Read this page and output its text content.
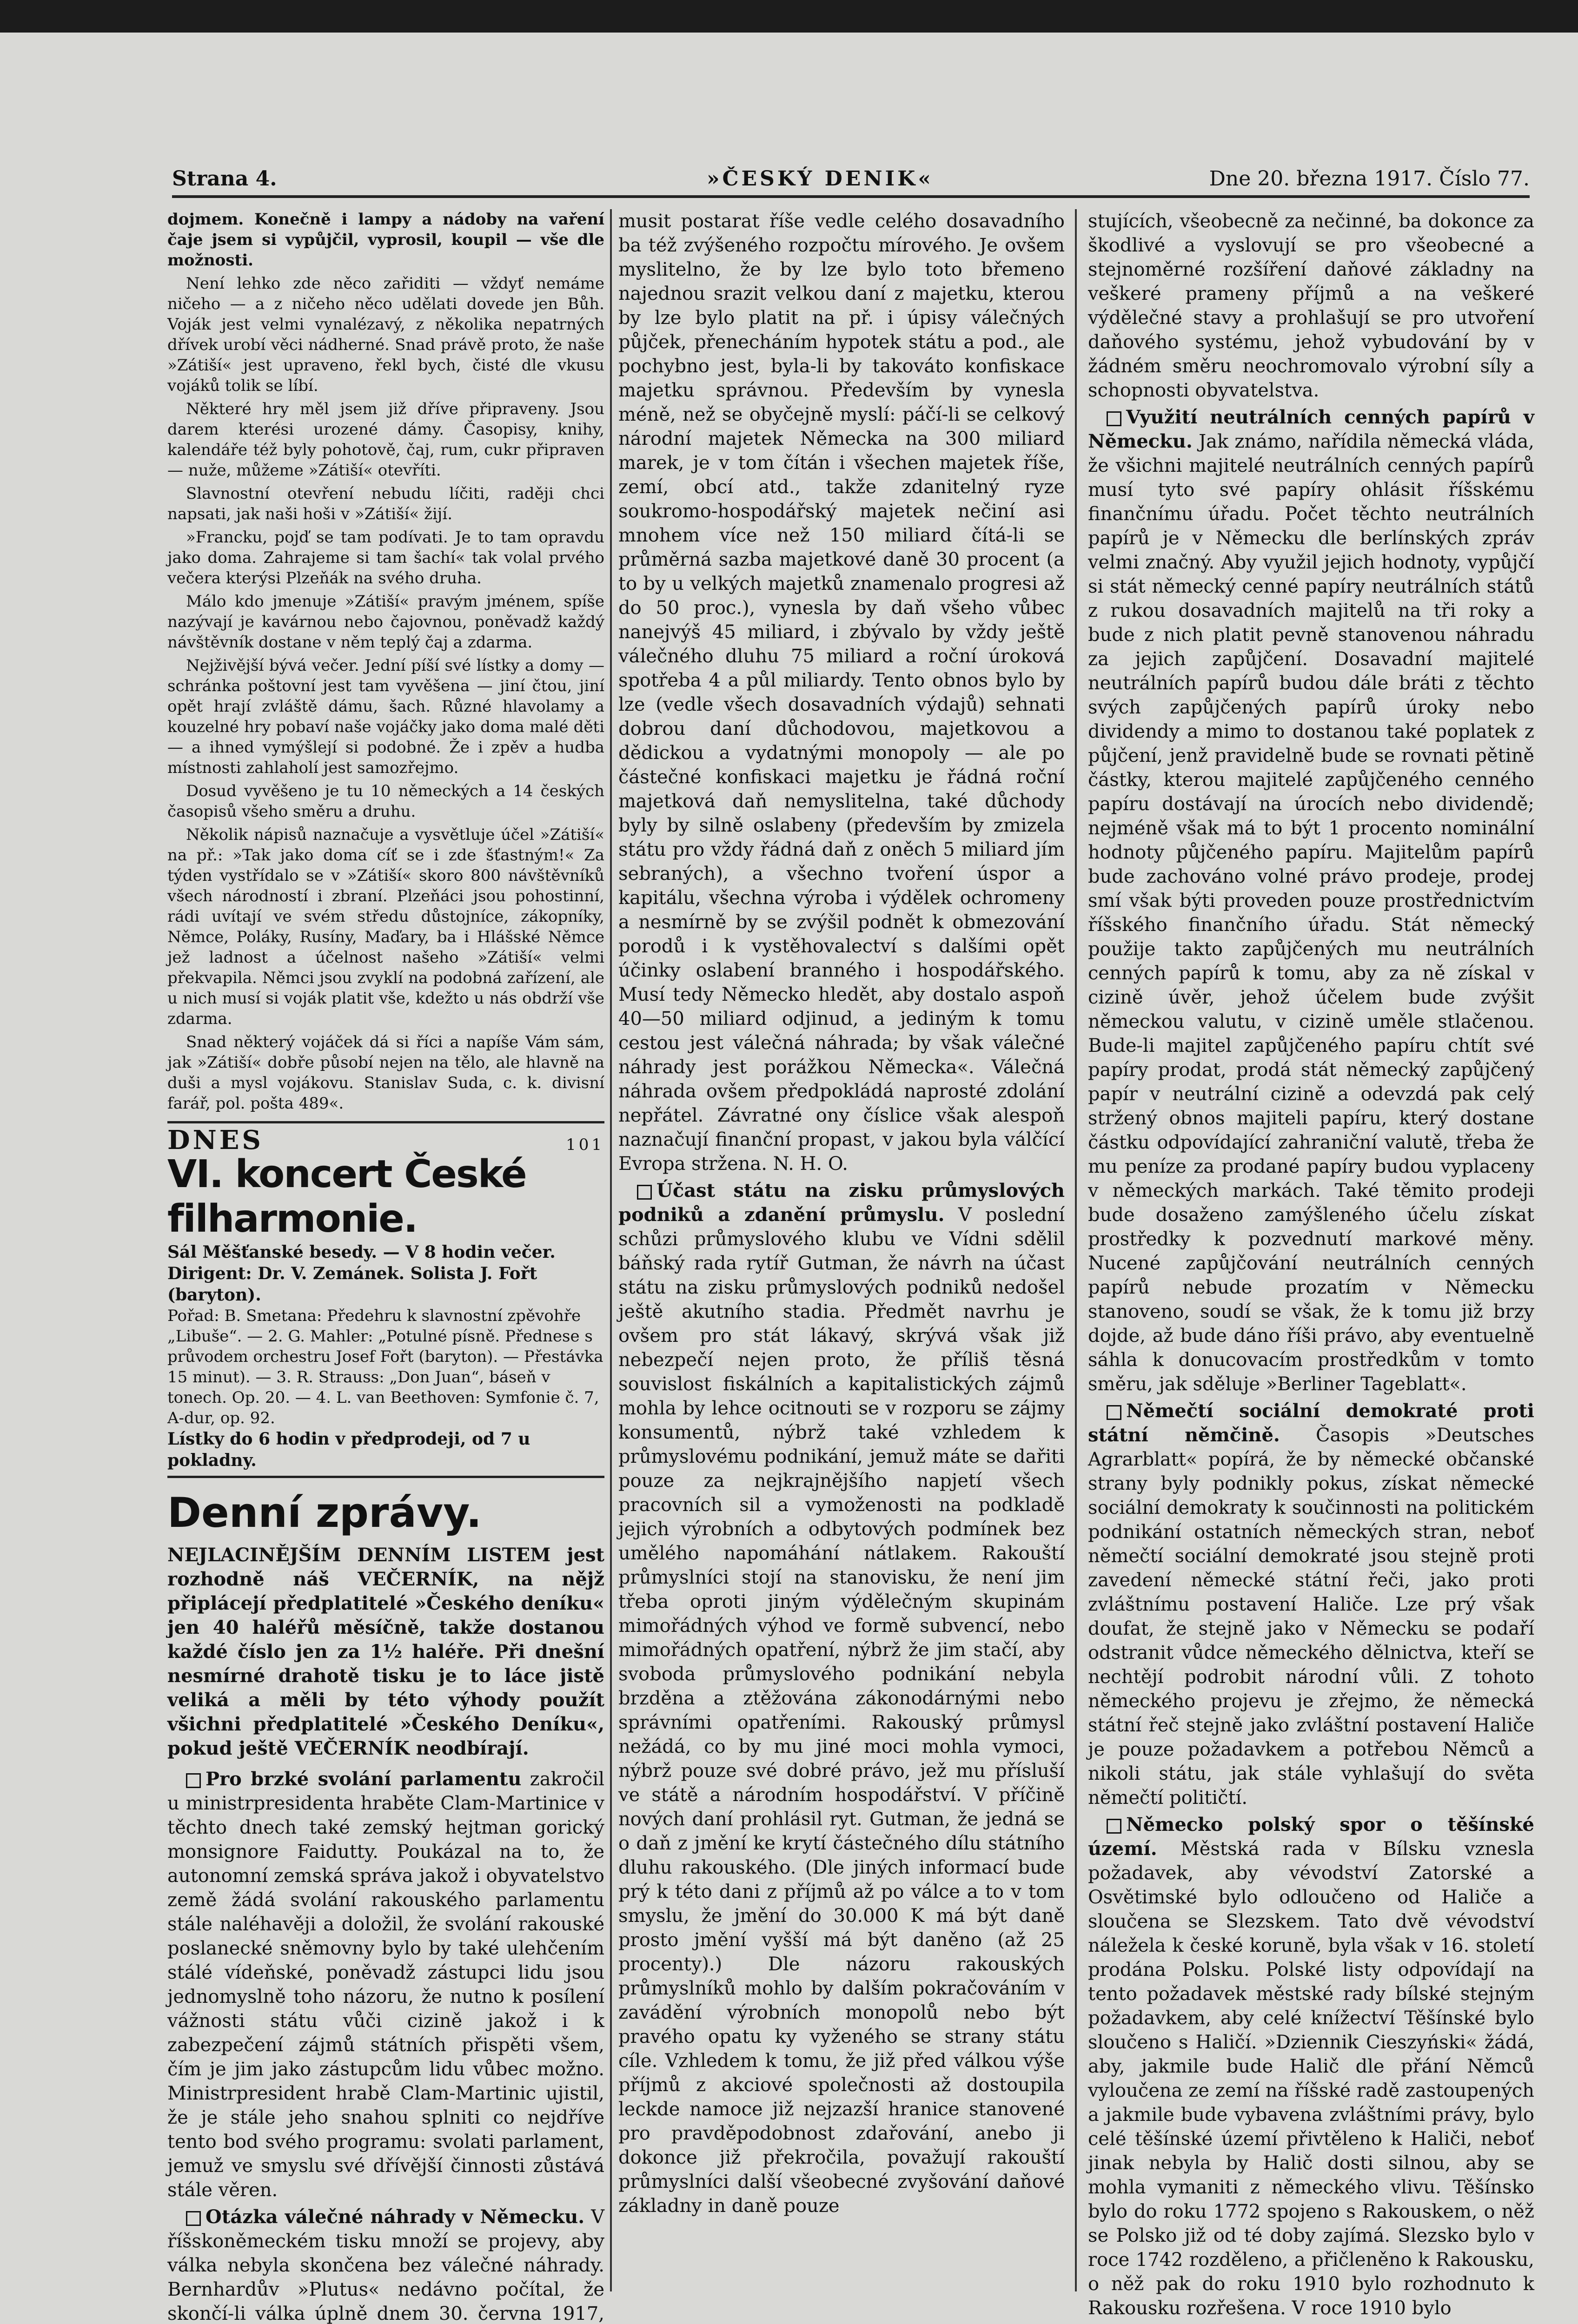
Strana 4.	»ČESKÝ DENIK«	Dne 20. března 1917. Číslo 77.

dojmem. Konečně i lampy a nádoby na vaření čaje jsem si vypůjčil, vyprosil, koupil — vše dle možnosti.

Není lehko zde něco zařiditi — vždyť nemáme ničeho — a z ničeho něco udělati dovede jen Bůh. Voják jest velmi vynalézavý, z několika nepatrných dřívek urobí věci nádherné. Snad právě proto, že naše »Zátiší« jest upraveno, řekl bych, čisté dle vkusu vojáků tolik se líbí.

Některé hry měl jsem již dříve připraveny. Jsou darem kterési urozené dámy. Časopisy, knihy, kalendáře též byly pohotově, čaj, rum, cukr připraven — nuže, můžeme »Zátiší« otevříti.

Slavnostní otevření nebudu líčiti, raději chci napsati, jak naši hoši v »Zátiší« žijí.

»Francku, pojď se tam podívati. Je to tam opravdu jako doma. Zahrajeme si tam šachí« tak volal prvého večera kterýsi Plzeňák na svého druha.

Málo kdo jmenuje »Zátiší« pravým jménem, spíše nazývají je kavárnou nebo čajovnou, poněvadž každý návštěvník dostane v něm teplý čaj a zdarma.

Nejživější bývá večer. Jední píší své lístky a domy — schránka poštovní jest tam vyvěšena — jiní čtou, jiní opět hrají zvláště dámu, šach. Různé hlavolamy a kouzelné hry pobaví naše vojáčky jako doma malé děti — a ihned vymýšlejí si podobné. Že i zpěv a hudba místnosti zahlaholí jest samozřejmo.

Dosud vyvěšeno je tu 10 německých a 14 českých časopisů všeho směru a druhu.

Několik nápisů naznačuje a vysvětluje účel »Zátiší« na př.: »Tak jako doma cíť se i zde šťastným!« Za týden vystřídalo se v »Zátiší« skoro 800 návštěvníků všech národností i zbraní. Plzeňáci jsou pohostinní, rádi uvítají ve svém středu důstojníce, zákopníky, Němce, Poláky, Rusíny, Maďary, ba i Hlášské Němce jež ladnost a účelnost našeho »Zátiší« velmi překvapila. Němci jsou zvyklí na podobná zařízení, ale u nich musí si voják platit vše, kdežto u nás obdrží vše zdarma.

Snad některý vojáček dá si říci a napíše Vám sám, jak »Zátiší« dobře působí nejen na tělo, ale hlavně na duši a mysl vojákovu. Stanislav Suda, c. k. divisní farář, pol. pošta 489«.

DNES	101
VI. koncert České filharmonie.
Sál Měšťanské besedy. — V 8 hodin večer.
Dirigent: Dr. V. Zemánek. Solista J. Fořt (baryton).
Pořad: B. Smetana: Předehru k slavnostní zpěvohře „Libuše“. — 2. G. Mahler: „Potulné písně. Přednese s průvodem orchestru Josef Fořt (baryton). — Přestávka 15 minut). — 3. R. Strauss: „Don Juan“, báseň v tonech. Op. 20. — 4. L. van Beethoven: Symfonie č. 7, A-dur, op. 92.
Lístky do 6 hodin v předprodeji, od 7 u pokladny.
Denní zprávy.

NEJLACINĚJŠÍM DENNÍM LISTEM jest rozhodně náš VEČERNÍK, na nějž připlácejí předplatitelé »Českého deníku« jen 40 haléřů měsíčně, takže dostanou každé číslo jen za 1½ haléře. Při dnešní nesmírné drahotě tisku je to láce jistě veliká a měli by této výhody použít všichni předplatitelé »Českého Deníku«, pokud ještě VEČERNÍK neodbírají.

Pro brzké svolání parlamentu zakročil u ministrpresidenta hraběte Clam-Martinice v těchto dnech také zemský hejtman gorický monsignore Faidutty. Poukázal na to, že autonomní zemská správa jakož i obyvatelstvo země žádá svolání rakouského parlamentu stále naléhavěji a doložil, že svolání rakouské poslanecké sněmovny bylo by také ulehčením stálé vídeňské, poněvadž zástupci lidu jsou jednomyslně toho názoru, že nutno k posílení vážnosti státu vůči cizině jakož i k zabezpečení zájmů státních přispěti všem, čím je jim jako zástupcům lidu vůbec možno. Ministrpresident hrabě Clam-Martinic ujistil, že je stále jeho snahou splniti co nejdříve tento bod svého programu: svolati parlament, jemuž ve smyslu své dřívější činnosti zůstává stále věren.

Otázka válečné náhrady v Německu. V říšskoněmeckém tisku množí se projevy, aby válka nebyla skončena bez válečné náhrady. Bernhardův »Plutus« nedávno počítal, že skončí-li válka úplně dnem 30. června 1917,

musit postarat říše vedle celého dosavadního ba též zvýšeného rozpočtu mírového. Je ovšem myslitelno, že by lze bylo toto břemeno najednou srazit velkou daní z majetku, kterou by lze bylo platit na př. i úpisy válečných půjček, přenecháním hypotek státu a pod., ale pochybno jest, byla-li by takováto konfiskace majetku správnou. Především by vynesla méně, než se obyčejně myslí: páčí-li se celkový národní majetek Německa na 300 miliard marek, je v tom čítán i všechen majetek říše, zemí, obcí atd., takže zdanitelný ryze soukromo-hospodářský majetek nečiní asi mnohem více než 150 miliard čítá-li se průměrná sazba majetkové daně 30 procent (a to by u velkých majetků znamenalo progresi až do 50 proc.), vynesla by daň všeho vůbec nanejvýš 45 miliard, i zbývalo by vždy ještě válečného dluhu 75 miliard a roční úroková spotřeba 4 a půl miliardy. Tento obnos bylo by lze (vedle všech dosavadních výdajů) sehnati dobrou daní důchodovou, majetkovou a dědickou a vydatnými monopoly — ale po částečné konfiskaci majetku je řádná roční majetková daň nemyslitelna, také důchody byly by silně oslabeny (především by zmizela státu pro vždy řádná daň z oněch 5 miliard jím sebraných), a všechno tvoření úspor a kapitálu, všechna výroba i výdělek ochromeny a nesmírně by se zvýšil podnět k obmezování porodů i k vystěhovalectví s dalšími opět účinky oslabení branného i hospodářského. Musí tedy Německo hledět, aby dostalo aspoň 40—50 miliard odjinud, a jediným k tomu cestou jest válečná náhrada; by však válečné náhrady jest porážkou Německa«. Válečná náhrada ovšem předpokládá naprosté zdolání nepřátel. Závratné ony číslice však alespoň naznačují finanční propast, v jakou byla válčící Evropa stržena. N. H. O.

Účast státu na zisku průmyslových podniků a zdanění průmyslu. V poslední schůzi průmyslového klubu ve Vídni sdělil báňský rada rytíř Gutman, že návrh na účast státu na zisku průmyslových podniků nedošel ještě akutního stadia. Předmět navrhu je ovšem pro stát lákavý, skrývá však již nebezpečí nejen proto, že příliš těsná souvislost fiskálních a kapitalistických zájmů mohla by lehce ocitnouti se v rozporu se zájmy konsumentů, nýbrž také vzhledem k průmyslovému podnikání, jemuž máte se dařiti pouze za nejkrajnějšího napjetí všech pracovních sil a vymoženosti na podkladě jejich výrobních a odbytových podmínek bez umělého napomáhání nátlakem. Rakouští průmyslníci stojí na stanovisku, že není jim třeba oproti jiným výdělečným skupinám mimořádných výhod ve formě subvencí, nebo mimořádných opatření, nýbrž že jim stačí, aby svoboda průmyslového podnikání nebyla brzděna a ztěžována zákonodárnými nebo správními opatřeními. Rakouský průmysl nežádá, co by mu jiné moci mohla vymoci, nýbrž pouze své dobré právo, jež mu přísluší ve státě a národním hospodářství. V příčině nových daní prohlásil ryt. Gutman, že jedná se o daň z jmění ke krytí částečného dílu státního dluhu rakouského. (Dle jiných informací bude prý k této dani z příjmů až po válce a to v tom smyslu, že jmění do 30.000 K má být daně prosto jmění vyšší má být daněno (až 25 procenty).) Dle názoru rakouských průmyslníků mohlo by dalším pokračováním v zavádění výrobních monopolů nebo být pravého opatu ky vyženého se strany státu cíle. Vzhledem k tomu, že již před válkou výše příjmů z akciové společnosti až dostoupila leckde namoce již nejzazší hranice stanovené pro pravděpodobnost zdařování, anebo ji dokonce již překročila, považují rakouští průmyslníci další všeobecné zvyšování daňové základny in daně pouze

stujících, všeobecně za nečinné, ba dokonce za škodlivé a vyslovují se pro všeobecné a stejnoměrné rozšíření daňové základny na veškeré prameny příjmů a na veškeré výdělečné stavy a prohlašují se pro utvoření daňového systému, jehož vybudování by v žádném směru neochromovalo výrobní síly a schopnosti obyvatelstva.

Využití neutrálních cenných papírů v Německu. Jak známo, nařídila německá vláda, že všichni majitelé neutrálních cenných papírů musí tyto své papíry ohlásit říšskému finančnímu úřadu. Počet těchto neutrálních papírů je v Německu dle berlínských zpráv velmi značný. Aby využil jejich hodnoty, vypůjčí si stát německý cenné papíry neutrálních států z rukou dosavadních majitelů na tři roky a bude z nich platit pevně stanovenou náhradu za jejich zapůjčení. Dosavadní majitelé neutrálních papírů budou dále bráti z těchto svých zapůjčených papírů úroky nebo dividendy a mimo to dostanou také poplatek z půjčení, jenž pravidelně bude se rovnati pětině částky, kterou majitelé zapůjčeného cenného papíru dostávají na úrocích nebo dividendě; nejméně však má to být 1 procento nominální hodnoty půjčeného papíru. Majitelům papírů bude zachováno volné právo prodeje, prodej smí však býti proveden pouze prostřednictvím říšského finančního úřadu. Stát německý použije takto zapůjčených mu neutrálních cenných papírů k tomu, aby za ně získal v cizině úvěr, jehož účelem bude zvýšit německou valutu, v cizině uměle stlačenou. Bude-li majitel zapůjčeného papíru chtít své papíry prodat, prodá stát německý zapůjčený papír v neutrální cizině a odevzdá pak celý stržený obnos majiteli papíru, který dostane částku odpovídající zahraniční valutě, třeba že mu peníze za prodané papíry budou vyplaceny v německých markách. Také těmito prodeji bude dosaženo zamýšleného účelu získat prostředky k pozvednutí markové měny. Nucené zapůjčování neutrálních cenných papírů nebude prozatím v Německu stanoveno, soudí se však, že k tomu již brzy dojde, až bude dáno říši právo, aby eventuelně sáhla k donucovacím prostředkům v tomto směru, jak sděluje »Berliner Tageblatt«.

Němečtí sociální demokraté proti státní němčině. Časopis »Deutsches Agrarblatt« popírá, že by německé občanské strany byly podnikly pokus, získat německé sociální demokraty k součinnosti na politickém podnikání ostatních německých stran, neboť němečtí sociální demokraté jsou stejně proti zavedení německé státní řeči, jako proti zvláštnímu postavení Haliče. Lze prý však doufat, že stejně jako v Německu se podaří odstranit vůdce německého dělnictva, kteří se nechtějí podrobit národní vůli. Z tohoto německého projevu je zřejmo, že německá státní řeč stejně jako zvláštní postavení Haliče je pouze požadavkem a potřebou Němců a nikoli státu, jak stále vyhlašují do světa němečtí političtí.

Německo polský spor o těšínské území. Městská rada v Bílsku vznesla požadavek, aby vévodství Zatorské a Osvětimské bylo odloučeno od Haliče a sloučena se Slezskem. Tato dvě vévodství náležela k české koruně, byla však v 16. století prodána Polsku. Polské listy odpovídají na tento požadavek městské rady bílské stejným požadavkem, aby celé knížectví Těšínské bylo sloučeno s Haličí. »Dziennik Cieszyński« žádá, aby, jakmile bude Halič dle přání Němců vyloučena ze zemí na říšské radě zastoupených a jakmile bude vybavena zvláštními právy, bylo celé těšínské území přivtěleno k Haliči, neboť jinak nebyla by Halič dosti silnou, aby se mohla vymaniti z německého vlivu. Těšínsko bylo do roku 1772 spojeno s Rakouskem, o něž se Polsko již od té doby zajímá. Slezsko bylo v roce 1742 rozděleno, a přičleněno k Rakousku, o něž pak do roku 1910 bylo rozhodnuto k Rakousku rozřešena. V roce 1910 bylo
